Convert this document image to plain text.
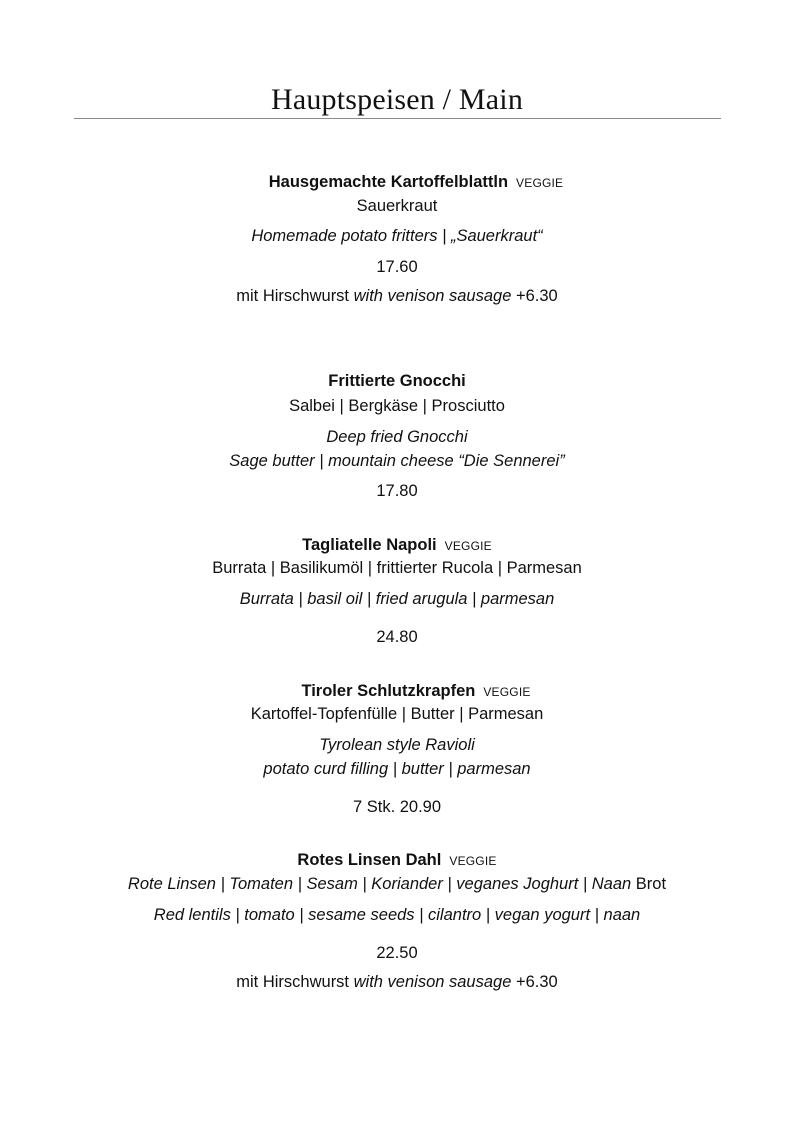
Hauptspeisen / Main
Hausgemachte Kartoffelblattln VEGGIE
Sauerkraut
Homemade potato fritters | „Sauerkraut“
17.60
mit Hirschwurst with venison sausage +6.30
Frittierte Gnocchi
Salbei | Bergkäse | Prosciutto
Deep fried Gnocchi
Sage butter | mountain cheese “Die Sennerei”
17.80
Tagliatelle Napoli VEGGIE
Burrata | Basilikumöl | frittierter Rucola | Parmesan
Burrata | basil oil | fried arugula | parmesan
24.80
Tiroler Schlutzkrapfen VEGGIE
Kartoffel-Topfenfülle | Butter | Parmesan
Tyrolean style Ravioli
potato curd filling | butter | parmesan
7 Stk. 20.90
Rotes Linsen Dahl VEGGIE
Rote Linsen | Tomaten | Sesam | Koriander | veganes Joghurt | Naan Brot
Red lentils | tomato | sesame seeds | cilantro | vegan yogurt | naan
22.50
mit Hirschwurst with venison sausage +6.30
